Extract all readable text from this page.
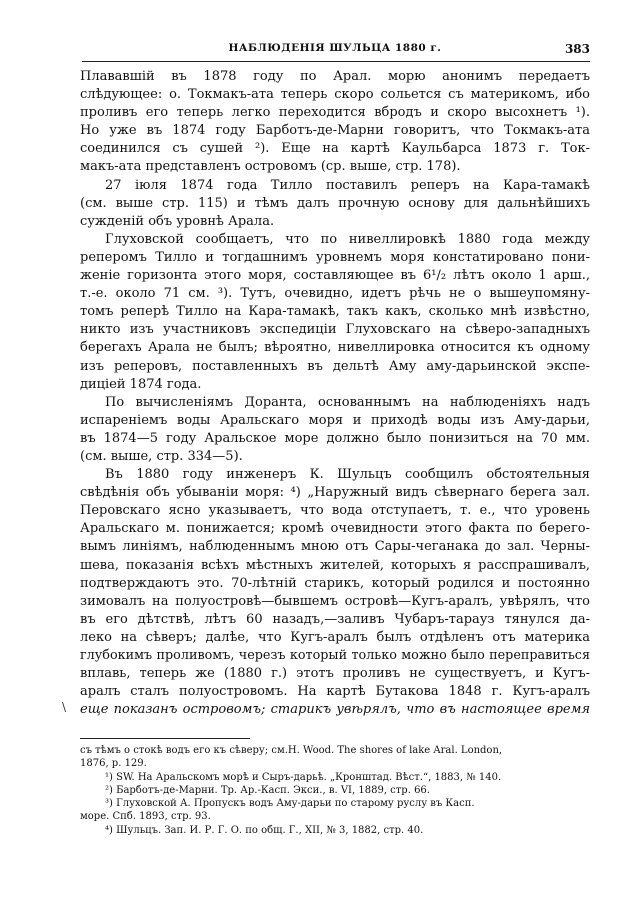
НАБЛЮДЕНІЯ ШУЛЬЦА 1880 г.	383
Плававшій въ 1878 году по Арал. морю анонимъ передаетъ
слѣдующее: о. Токмакъ-ата теперь скоро сольется съ материкомъ, ибо
проливъ его теперь легко переходится вбродъ и скоро высохнетъ ¹).
Но уже въ 1874 году Барботъ-де-Марни говоритъ, что Токмакъ-ата
соединился съ сушей ²). Еще на картѣ Каульбарса 1873 г. Ток-
макъ-ата представленъ островомъ (ср. выше, стр. 178).
27 іюля 1874 года Тилло поставилъ реперъ на Кара-тамакѣ
(см. выше стр. 115) и тѣмъ далъ прочную основу для дальнѣйшихъ
сужденій объ уровнѣ Арала.
Глуховской сообщаетъ, что по нивеллировкѣ 1880 года между
реперомъ Тилло и тогдашнимъ уровнемъ моря констатировано пони-
женіе горизонта этого моря, составляющее въ 6¹/₂ лѣтъ около 1 арш.,
т.-е. около 71 см. ³). Тутъ, очевидно, идетъ рѣчь не о вышеупомяну-
томъ реперѣ Тилло на Кара-тамакѣ, такъ какъ, сколько мнѣ извѣстно,
никто изъ участниковъ экспедиціи Глуховскаго на сѣверо-западныхъ
берегахъ Арала не былъ; вѣроятно, нивеллировка относится къ одному
изъ реперовъ, поставленныхъ въ дельтѣ Аму аму-дарьинской экспе-
диціей 1874 года.
По вычисленіямъ Доранта, основаннымъ на наблюденіяхъ надъ
испареніемъ воды Аральскаго моря и приходѣ воды изъ Аму-дарьи,
въ 1874—5 году Аральское море должно было понизиться на 70 мм.
(см. выше, стр. 334—5).
Въ 1880 году инженеръ К. Шульцъ сообщилъ обстоятельныя
свѣдѣнія объ убываніи моря: ⁴) „Наружный видъ сѣвернаго берега зал.
Перовскаго ясно указываетъ, что вода отступаетъ, т. е., что уровень
Аральскаго м. понижается; кромѣ очевидности этого факта по берего-
вымъ линіямъ, наблюденнымъ мною отъ Сары-чеганака до зал. Черны-
шева, показанія всѣхъ мѣстныхъ жителей, которыхъ я расспрашивалъ,
подтверждаютъ это. 70-лѣтній старикъ, который родился и постоянно
зимовалъ на полуостровѣ—бывшемъ островѣ—Кугъ-аралъ, увѣрялъ, что
въ его дѣтствѣ, лѣтъ 60 назадъ,—заливъ Чубаръ-тарауз тянулся да-
леко на сѣверъ; далѣе, что Кугъ-аралъ былъ отдѣленъ отъ материка
глубокимъ проливомъ, черезъ который только можно было переправиться
вплавь, теперь же (1880 г.) этотъ проливъ не существуетъ, и Кугъ-
аралъ сталъ полуостровомъ. На картѣ Бутакова 1848 г. Кугъ-аралъ
еще показанъ островомъ; старикъ увѣрялъ, что въ настоящее время
съ тѣмъ о стокѣ водъ его къ сѣверу; см.H. Wood. The shores of lake Aral. London,
1876, p. 129.
¹) SW. На Аральскомъ морѣ и Сыръ-дарьѣ. „Кронштад. Вѣст.“, 1883, № 140.
²) Барботъ-де-Марни. Тр. Ар.-Касп. Экси., в. VI, 1889, стр. 66.
³) Глуховской А. Пропускъ водъ Аму-дарьи по старому руслу въ Касп.
море. Спб. 1893, стр. 93.
⁴) Шульцъ. Зап. И. Р. Г. О. по общ. Г., XII, № 3, 1882, стр. 40.
\
